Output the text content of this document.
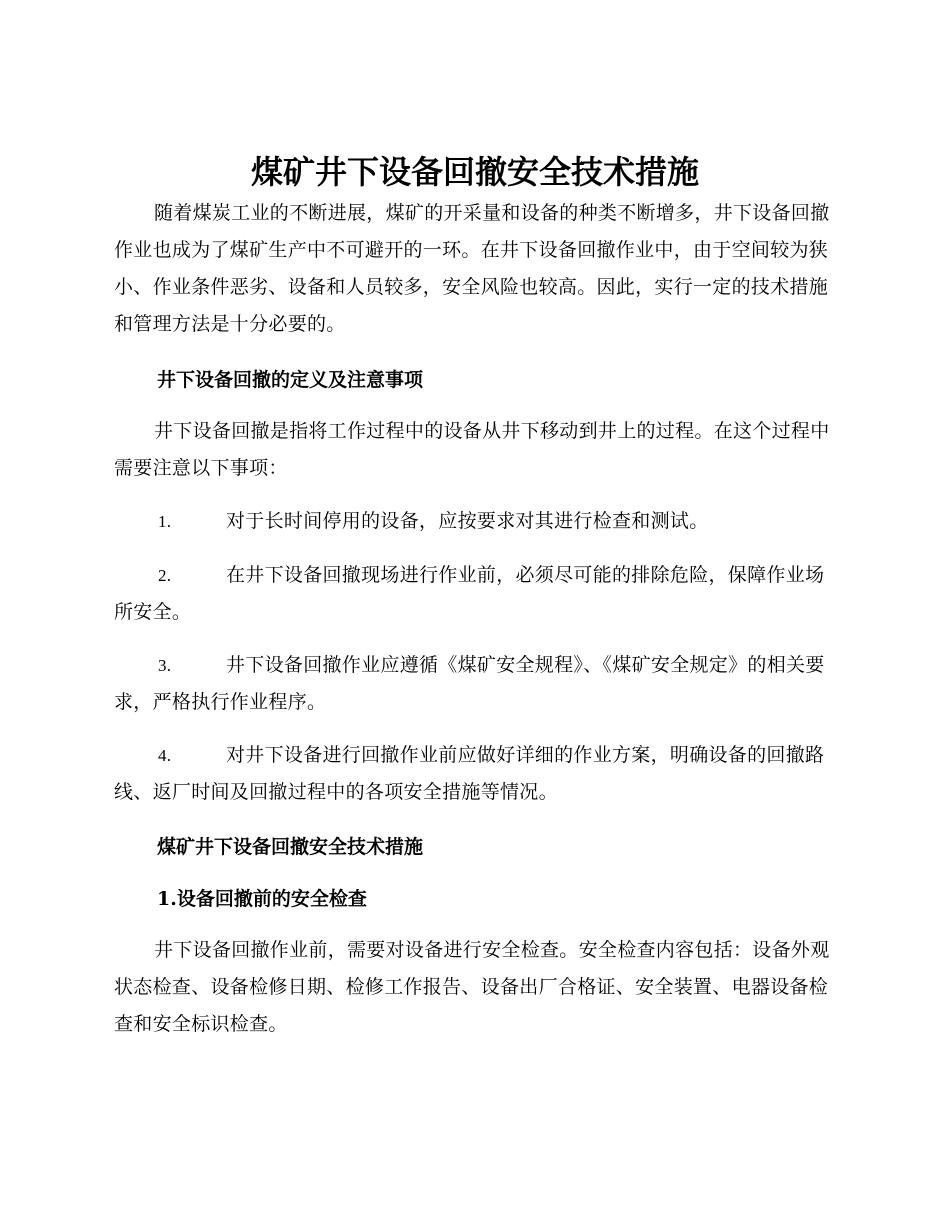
煤矿井下设备回撤安全技术措施

随着煤炭工业的不断进展，煤矿的开采量和设备的种类不断增多，井下设备回撤作业也成为了煤矿生产中不可避开的一环。在井下设备回撤作业中，由于空间较为狭小、作业条件恶劣、设备和人员较多，安全风险也较高。因此，实行一定的技术措施和管理方法是十分必要的。

井下设备回撤的定义及注意事项

井下设备回撤是指将工作过程中的设备从井下移动到井上的过程。在这个过程中需要注意以下事项：

1.	对于长时间停用的设备，应按要求对其进行检查和测试。

2.	在井下设备回撤现场进行作业前，必须尽可能的排除危险，保障作业场所安全。

3.	井下设备回撤作业应遵循《煤矿安全规程》、《煤矿安全规定》的相关要求，严格执行作业程序。

4.	对井下设备进行回撤作业前应做好详细的作业方案，明确设备的回撤路线、返厂时间及回撤过程中的各项安全措施等情况。

煤矿井下设备回撤安全技术措施
1.设备回撤前的安全检查

井下设备回撤作业前，需要对设备进行安全检查。安全检查内容包括：设备外观状态检查、设备检修日期、检修工作报告、设备出厂合格证、安全装置、电器设备检查和安全标识检查。
